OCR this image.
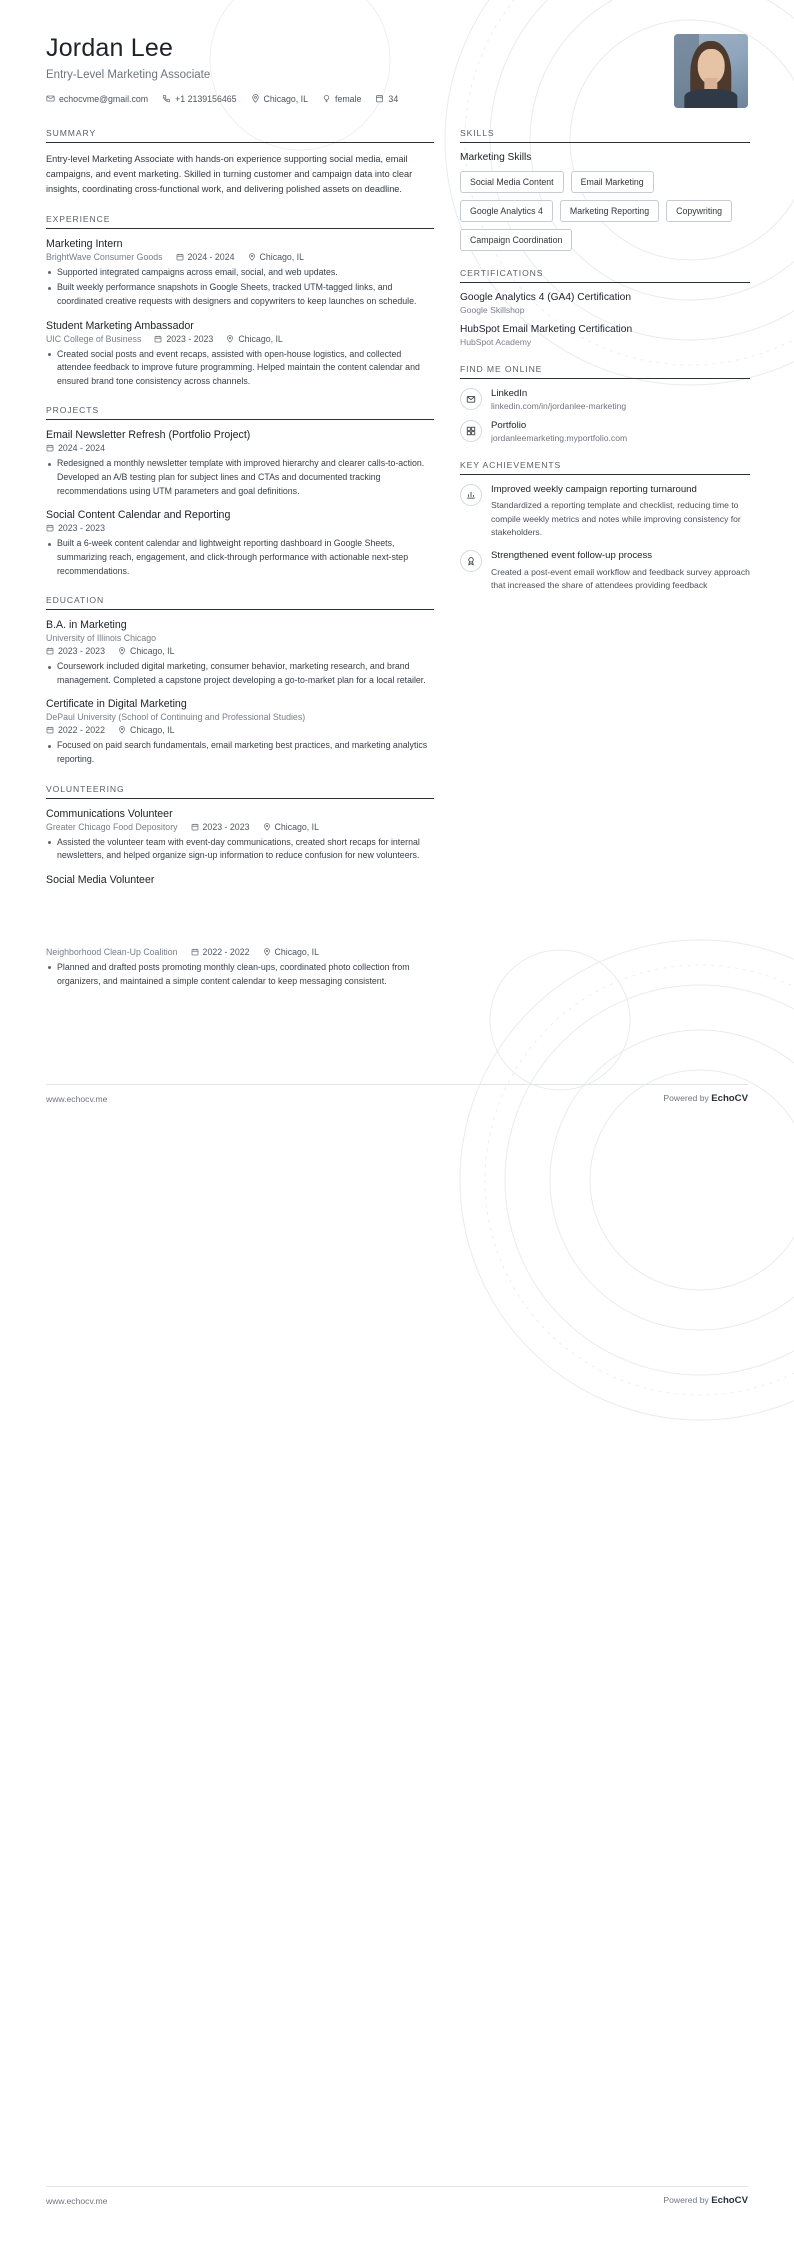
Jordan Lee
Entry-Level Marketing Associate
echocvme@gmail.com	+1 2139156465	Chicago, IL	female	34
SUMMARY
Entry-level Marketing Associate with hands-on experience supporting social media, email campaigns, and event marketing. Skilled in turning customer and campaign data into clear insights, coordinating cross-functional work, and delivering polished assets on deadline.
EXPERIENCE
Marketing Intern
BrightWave Consumer Goods	2024 - 2024	Chicago, IL
Supported integrated campaigns across email, social, and web updates.
Built weekly performance snapshots in Google Sheets, tracked UTM-tagged links, and coordinated creative requests with designers and copywriters to keep launches on schedule.
Student Marketing Ambassador
UIC College of Business	2023 - 2023	Chicago, IL
Created social posts and event recaps, assisted with open-house logistics, and collected attendee feedback to improve future programming. Helped maintain the content calendar and ensured brand tone consistency across channels.
PROJECTS
Email Newsletter Refresh (Portfolio Project)
2024 - 2024
Redesigned a monthly newsletter template with improved hierarchy and clearer calls-to-action. Developed an A/B testing plan for subject lines and CTAs and documented tracking recommendations using UTM parameters and goal definitions.
Social Content Calendar and Reporting
2023 - 2023
Built a 6-week content calendar and lightweight reporting dashboard in Google Sheets, summarizing reach, engagement, and click-through performance with actionable next-step recommendations.
EDUCATION
B.A. in Marketing
University of Illinois Chicago
2023 - 2023	Chicago, IL
Coursework included digital marketing, consumer behavior, marketing research, and brand management. Completed a capstone project developing a go-to-market plan for a local retailer.
Certificate in Digital Marketing
DePaul University (School of Continuing and Professional Studies)
2022 - 2022	Chicago, IL
Focused on paid search fundamentals, email marketing best practices, and marketing analytics reporting.
VOLUNTEERING
Communications Volunteer
Greater Chicago Food Depository	2023 - 2023	Chicago, IL
Assisted the volunteer team with event-day communications, created short recaps for internal newsletters, and helped organize sign-up information to reduce confusion for new volunteers.
Social Media Volunteer
SKILLS
Marketing Skills
Social Media Content	Email Marketing
Google Analytics 4	Marketing Reporting	Copywriting
Campaign Coordination
CERTIFICATIONS
Google Analytics 4 (GA4) Certification
Google Skillshop
HubSpot Email Marketing Certification
HubSpot Academy
FIND ME ONLINE
LinkedIn
linkedin.com/in/jordanlee-marketing
Portfolio
jordanleemarketing.myportfolio.com
KEY ACHIEVEMENTS
Improved weekly campaign reporting turnaround
Standardized a reporting template and checklist, reducing time to compile weekly metrics and notes while improving consistency for stakeholders.
Strengthened event follow-up process
Created a post-event email workflow and feedback survey approach that increased the share of attendees providing feedback
Neighborhood Clean-Up Coalition	2022 - 2022	Chicago, IL
Planned and drafted posts promoting monthly clean-ups, coordinated photo collection from organizers, and maintained a simple content calendar to keep messaging consistent.
www.echocv.me	Powered by EchoCV
www.echocv.me	Powered by EchoCV
